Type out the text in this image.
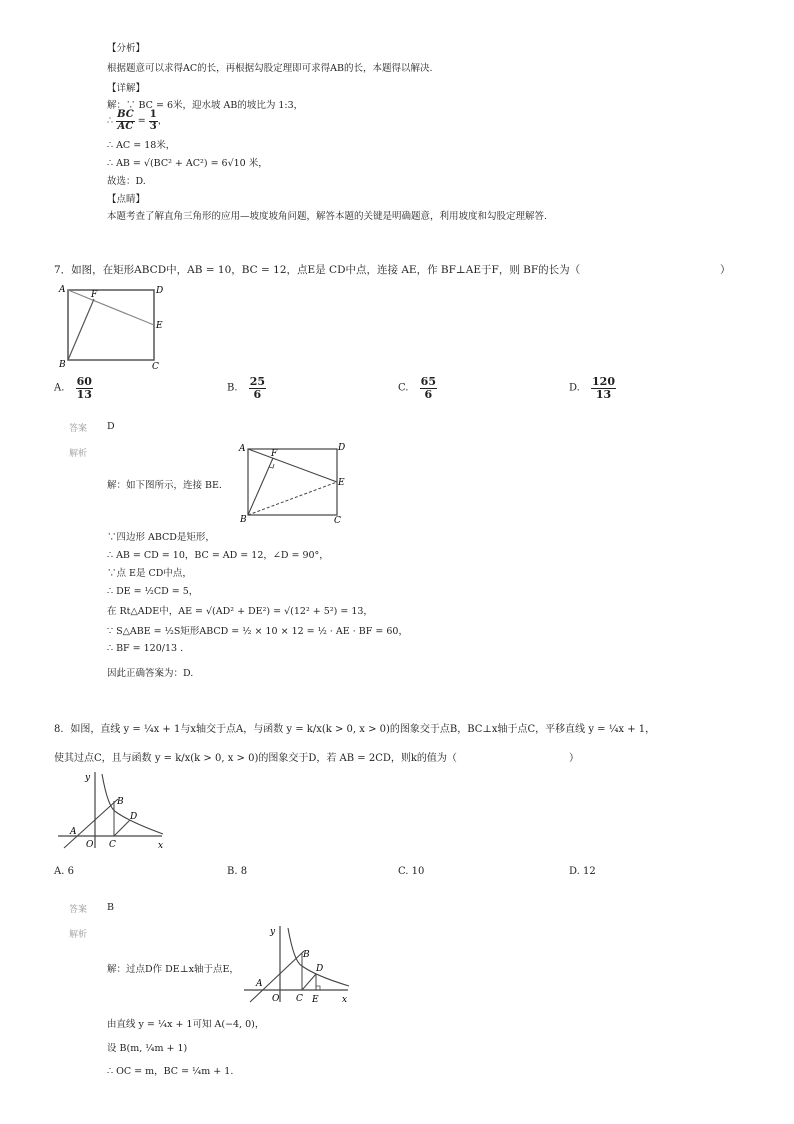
【分析】
根据题意可以求得AC的长，再根据勾股定理即可求得AB的长，本题得以解决.
【详解】
解：∵ BC = 6米，迎水坡 AB的坡比为 1:3，
∴ $\frac{BC}{AC} = \frac{1}{3}$ ，
∴ AC = 18米，
∴ AB = √(BC² + AC²) = 6√10 米，
故选：D.
【点睛】
本题考查了解直角三角形的应用—坡度坡角问题，解答本题的关键是明确题意，利用坡度和勾股定理解答.
7．如图，在矩形ABCD中，AB = 10，BC = 12，点E是 CD中点，连接 AE，作 BF⊥AE于F，则 BF的长为（	）
A	F	D
E
B	C
A. $\frac{60}{13}$	B. $\frac{25}{6}$	C. $\frac{65}{6}$	D. $\frac{120}{13}$
答案 D
解析
解：如下图所示，连接 BE.
A	F
D
E
B	C
∵四边形 ABCD是矩形，
∴ AB = CD = 10，BC = AD = 12，∠D = 90°，
∵点 E是 CD中点，
∴ DE = ½CD = 5，
在 Rt△ADE中，AE = √(AD² + DE²) = √(12² + 5²) = 13，
∵ S△ABE = ½S矩形ABCD = ½ × 10 × 12 = ½ · AE · BF = 60，
∴ BF = 120/13 .
因此正确答案为：D.
8．如图，直线 y = ¼x + 1与x轴交于点A，与函数 y = k/x(k > 0, x > 0)的图象交于点B，BC⊥x轴于点C，平移直线 y = ¼x + 1，
使其过点C，且与函数 y = k/x(k > 0, x > 0)的图象交于D，若 AB = 2CD，则k的值为（	）
y
B
D
A
O C	x
A. 6	B. 8	C. 10	D. 12
答案 B
解析
解：过点D作 DE⊥x轴于点E，
y
B
D
A
O C E	x
由直线 y = ¼x + 1可知 A(−4, 0)，
设 B(m, ¼m + 1)
∴ OC = m，BC = ¼m + 1.
